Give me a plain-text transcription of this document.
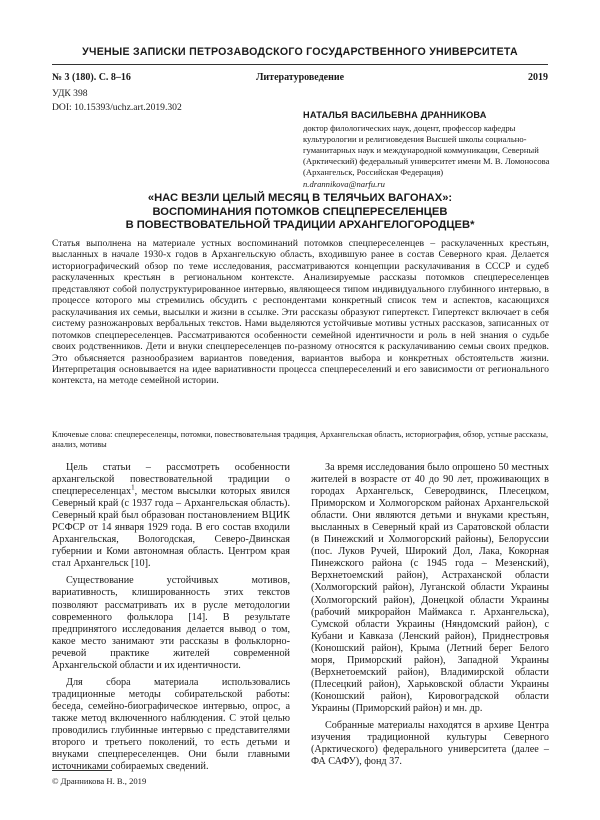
УЧЕНЫЕ ЗАПИСКИ ПЕТРОЗАВОДСКОГО ГОСУДАРСТВЕННОГО УНИВЕРСИТЕТА
Литературоведение
№ 3 (180). С. 8–16	2019
УДК 398
DOI: 10.15393/uchz.art.2019.302
НАТАЛЬЯ ВАСИЛЬЕВНА ДРАННИКОВА
доктор филологических наук, доцент, профессор кафедры культурологии и религиоведения Высшей школы социально-гуманитарных наук и международной коммуникации, Северный (Арктический) федеральный университет имени М. В. Ломоносова (Архангельск, Российская Федерация)
n.drannikova@narfu.ru
«НАС ВЕЗЛИ ЦЕЛЫЙ МЕСЯЦ В ТЕЛЯЧЬИХ ВАГОНАХ»:
ВОСПОМИНАНИЯ ПОТОМКОВ СПЕЦПЕРЕСЕЛЕНЦЕВ
В ПОВЕСТВОВАТЕЛЬНОЙ ТРАДИЦИИ АРХАНГЕЛОГОРОДЦЕВ*
Статья выполнена на материале устных воспоминаний потомков спецпереселенцев – раскулаченных крестьян, высланных в начале 1930-х годов в Архангельскую область, входившую ранее в состав Северного края. Делается историографический обзор по теме исследования, рассматриваются концепции раскулачивания в СССР и судеб раскулаченных крестьян в региональном контексте. Анализируемые рассказы потомков спецпереселенцев представляют собой полуструктурированное интервью, являющееся типом индивидуального глубинного интервью, в процессе которого мы стремились обсудить с респондентами конкретный список тем и аспектов, касающихся раскулачивания их семьи, высылки и жизни в ссылке. Эти рассказы образуют гипертекст. Гипертекст включает в себя систему разножанровых вербальных текстов. Нами выделяются устойчивые мотивы устных рассказов, записанных от потомков спецпереселенцев. Рассматриваются особенности семейной идентичности и роль в ней знания о судьбе своих родственников. Дети и внуки спецпереселенцев по-разному относятся к раскулачиванию семьи своих предков. Это объясняется разнообразием вариантов поведения, вариантов выбора и конкретных обстоятельств жизни. Интерпретация основывается на идее вариативности процесса спецпереселений и его зависимости от регионального контекста, на методе семейной истории.
Ключевые слова: спецпереселенцы, потомки, повествовательная традиция, Архангельская область, историография, обзор, устные рассказы, анализ, мотивы

Цель статьи – рассмотреть особенности архангельской повествовательной традиции о спецпереселенцах$^1$, местом высылки которых явился Северный край (с 1937 года – Архангельская область). Северный край был образован постановлением ВЦИК РСФСР от 14 января 1929 года. В его состав входили Архангельская, Вологодская, Северо-Двинская губернии и Коми автономная область. Центром края стал Архангельск [10].

Существование устойчивых мотивов, вариативность, клишированность этих текстов позволяют рассматривать их в русле методологии современного фольклора [14]. В результате предпринятого исследования делается вывод о том, какое место занимают эти рассказы в фольклорно-речевой практике жителей современной Архангельской области и их идентичности.

Для сбора материала использовались традиционные методы собирательской работы: беседа, семейно-биографическое интервью, опрос, а также метод включенного наблюдения. С этой целью проводились глубинные интервью с представителями второго и третьего поколений, то есть детьми и внуками спецпереселенцев. Они были главными источниками собираемых сведений.

За время исследования было опрошено 50 местных жителей в возрасте от 40 до 90 лет, проживающих в городах Архангельск, Северодвинск, Плесецком, Приморском и Холмогорском районах Архангельской области. Они являются детьми и внуками крестьян, высланных в Северный край из Саратовской области (в Пинежский и Холмогорский районы), Белоруссии (пос. Луков Ручей, Широкий Дол, Лака, Кокорная Пинежского района (с 1945 года – Мезенский), Верхнетоемский район), Астраханской области (Холмогорский район), Луганской области Украины (Холмогорский район), Донецкой области Украины (рабочий микрорайон Маймакса г. Архангельска), Сумской области Украины (Няндомский район), с Кубани и Кавказа (Ленский район), Приднестровья (Коношский район), Крыма (Летний берег Белого моря, Приморский район), Западной Украины (Верхнетоемский район), Владимирской области (Плесецкий район), Харьковской области Украины (Коношский район), Кировоградской области Украины (Приморский район) и мн. др.

Собранные материалы находятся в архиве Центра изучения традиционной культуры Северного (Арктического) федерального университета (далее – ФА САФУ), фонд 37.

© Дранникова Н. В., 2019
